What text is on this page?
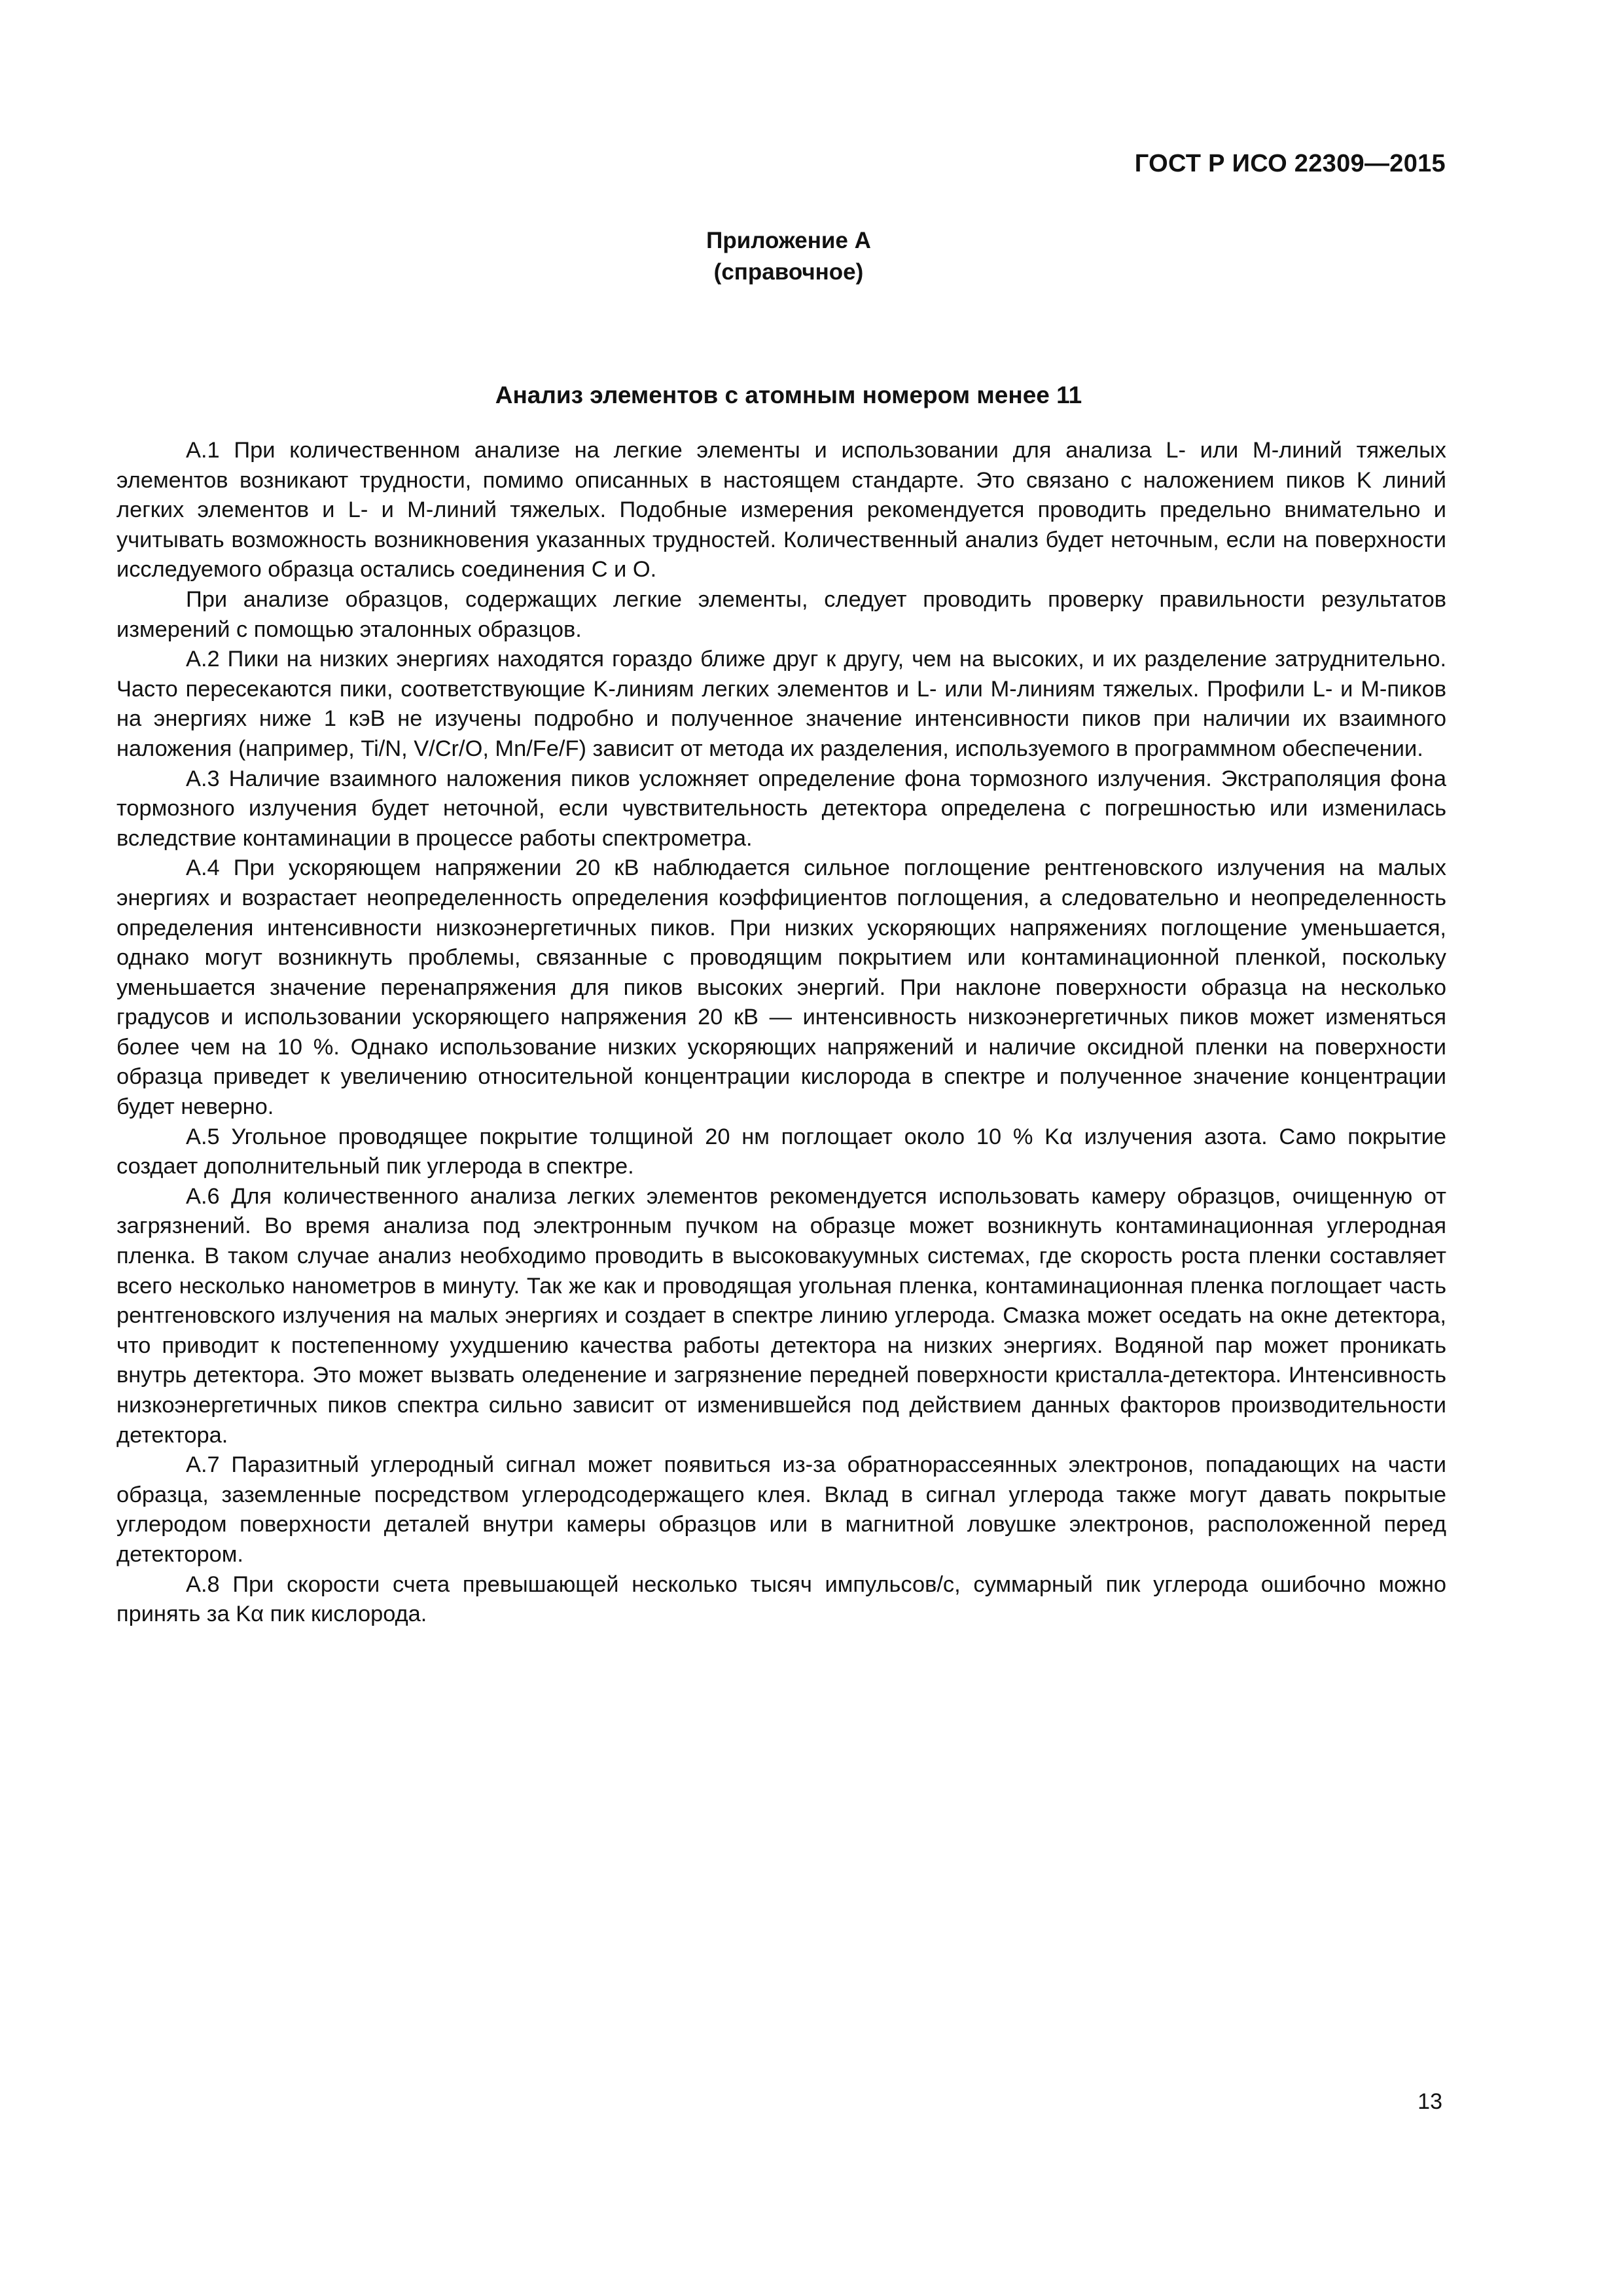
ГОСТ Р ИСО 22309—2015
Приложение А
(справочное)
Анализ элементов с атомным номером менее 11

А.1 При количественном анализе на легкие элементы и использовании для анализа L- или М-линий тяжелых элементов возникают трудности, помимо описанных в настоящем стандарте. Это связано с наложением пиков K линий легких элементов и L- и М-линий тяжелых. Подобные измерения рекомендуется проводить предельно внимательно и учитывать возможность возникновения указанных трудностей. Количественный анализ будет неточным, если на поверхности исследуемого образца остались соединения C и О.

При анализе образцов, содержащих легкие элементы, следует проводить проверку правильности результатов измерений с помощью эталонных образцов.

А.2 Пики на низких энергиях находятся гораздо ближе друг к другу, чем на высоких, и их разделение затруднительно. Часто пересекаются пики, соответствующие K-линиям легких элементов и L- или М-линиям тяжелых. Профили L- и М-пиков на энергиях ниже 1 кэВ не изучены подробно и полученное значение интенсивности пиков при наличии их взаимного наложения (например, Ti/N, V/Cr/O, Mn/Fe/F) зависит от метода их разделения, используемого в программном обеспечении.

А.3 Наличие взаимного наложения пиков усложняет определение фона тормозного излучения. Экстраполяция фона тормозного излучения будет неточной, если чувствительность детектора определена с погрешностью или изменилась вследствие контаминации в процессе работы спектрометра.

А.4 При ускоряющем напряжении 20 кВ наблюдается сильное поглощение рентгеновского излучения на малых энергиях и возрастает неопределенность определения коэффициентов поглощения, а следовательно и неопределенность определения интенсивности низкоэнергетичных пиков. При низких ускоряющих напряжениях поглощение уменьшается, однако могут возникнуть проблемы, связанные с проводящим покрытием или контаминационной пленкой, поскольку уменьшается значение перенапряжения для пиков высоких энергий. При наклоне поверхности образца на несколько градусов и использовании ускоряющего напряжения 20 кВ — интенсивность низкоэнергетичных пиков может изменяться более чем на 10 %. Однако использование низких ускоряющих напряжений и наличие оксидной пленки на поверхности образца приведет к увеличению относительной концентрации кислорода в спектре и полученное значение концентрации будет неверно.

А.5 Угольное проводящее покрытие толщиной 20 нм поглощает около 10 % Kα излучения азота. Само покрытие создает дополнительный пик углерода в спектре.

А.6 Для количественного анализа легких элементов рекомендуется использовать камеру образцов, очищенную от загрязнений. Во время анализа под электронным пучком на образце может возникнуть контаминационная углеродная пленка. В таком случае анализ необходимо проводить в высоковакуумных системах, где скорость роста пленки составляет всего несколько нанометров в минуту. Так же как и проводящая угольная пленка, контаминационная пленка поглощает часть рентгеновского излучения на малых энергиях и создает в спектре линию углерода. Смазка может оседать на окне детектора, что приводит к постепенному ухудшению качества работы детектора на низких энергиях. Водяной пар может проникать внутрь детектора. Это может вызвать оледенение и загрязнение передней поверхности кристалла-детектора. Интенсивность низкоэнергетичных пиков спектра сильно зависит от изменившейся под действием данных факторов производительности детектора.

А.7 Паразитный углеродный сигнал может появиться из-за обратнорассеянных электронов, попадающих на части образца, заземленные посредством углеродсодержащего клея. Вклад в сигнал углерода также могут давать покрытые углеродом поверхности деталей внутри камеры образцов или в магнитной ловушке электронов, расположенной перед детектором.

А.8 При скорости счета превышающей несколько тысяч импульсов/с, суммарный пик углерода ошибочно можно принять за Kα пик кислорода.

13
